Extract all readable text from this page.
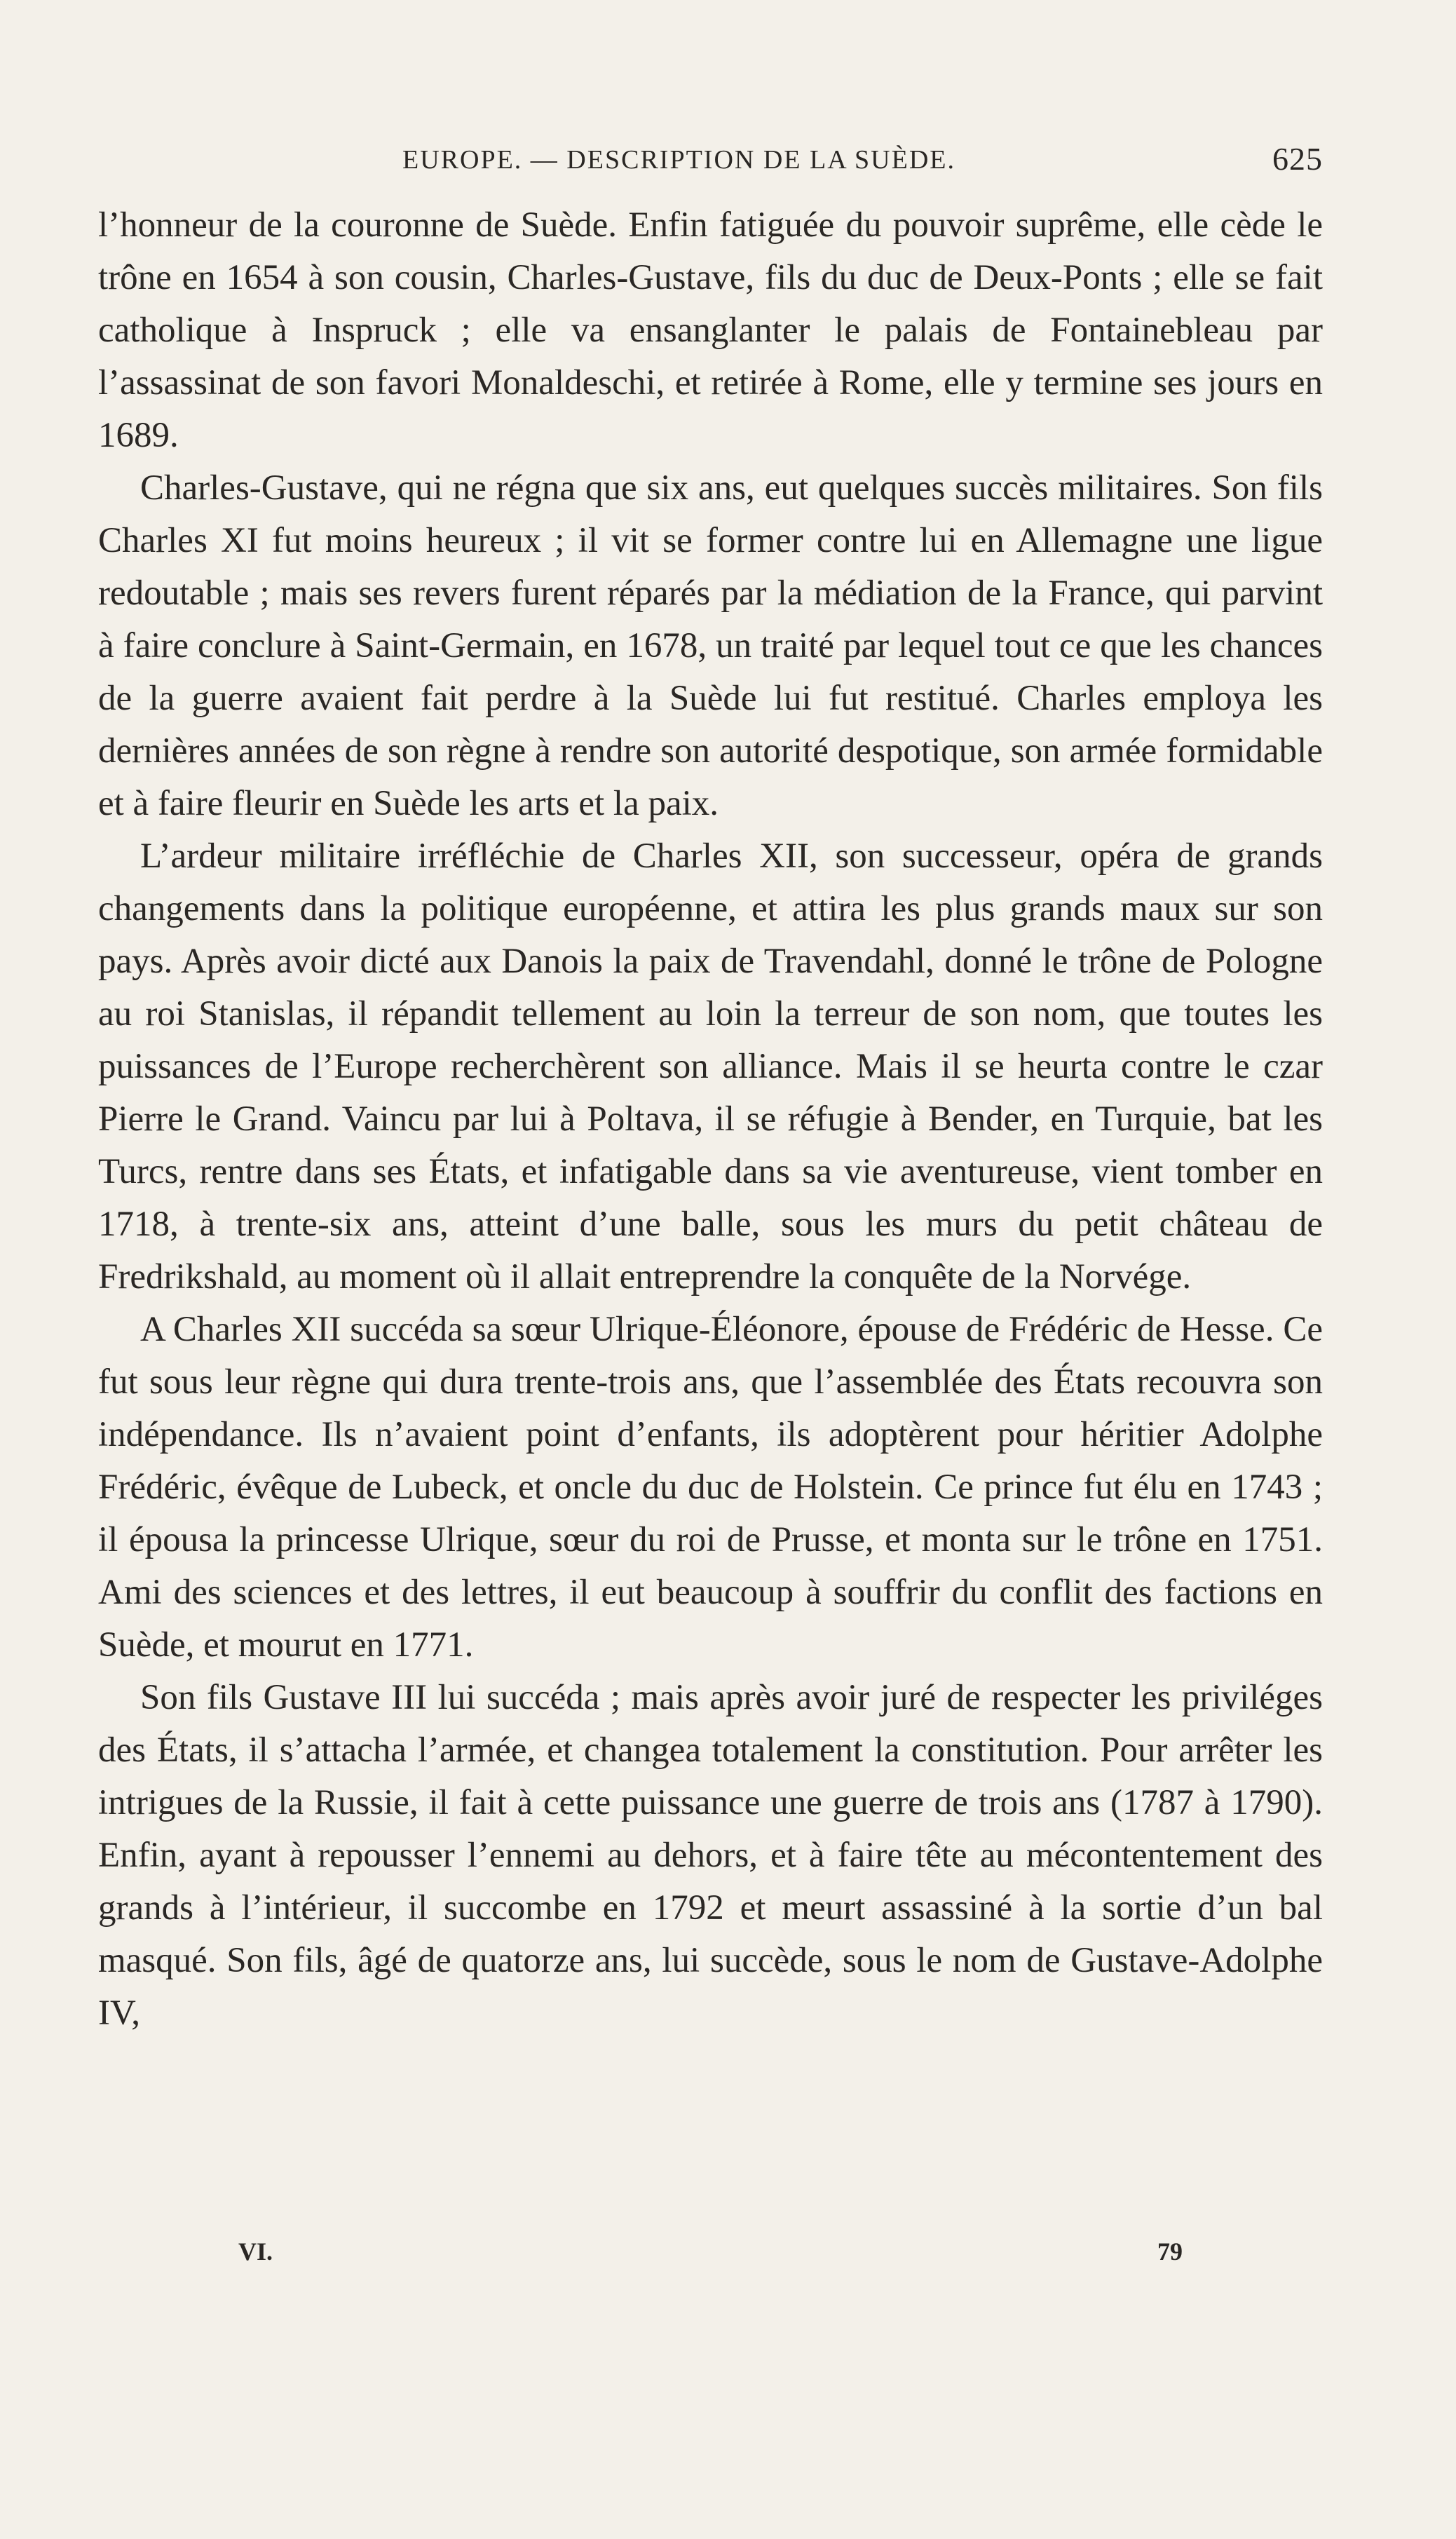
EUROPE. — DESCRIPTION DE LA SUÈDE.	625

l’honneur de la couronne de Suède. Enfin fatiguée du pouvoir suprême, elle cède le trône en 1654 à son cousin, Charles-Gustave, fils du duc de Deux-Ponts ; elle se fait catholique à Inspruck ; elle va ensanglanter le palais de Fontainebleau par l’assassinat de son favori Monaldeschi, et retirée à Rome, elle y termine ses jours en 1689.

Charles-Gustave, qui ne régna que six ans, eut quelques succès militaires. Son fils Charles XI fut moins heureux ; il vit se former contre lui en Allemagne une ligue redoutable ; mais ses revers furent réparés par la médiation de la France, qui parvint à faire conclure à Saint-Germain, en 1678, un traité par lequel tout ce que les chances de la guerre avaient fait perdre à la Suède lui fut restitué. Charles employa les dernières années de son règne à rendre son autorité despotique, son armée formidable et à faire fleurir en Suède les arts et la paix.

L’ardeur militaire irréfléchie de Charles XII, son successeur, opéra de grands changements dans la politique européenne, et attira les plus grands maux sur son pays. Après avoir dicté aux Danois la paix de Travendahl, donné le trône de Pologne au roi Stanislas, il répandit tellement au loin la terreur de son nom, que toutes les puissances de l’Europe recherchèrent son alliance. Mais il se heurta contre le czar Pierre le Grand. Vaincu par lui à Poltava, il se réfugie à Bender, en Turquie, bat les Turcs, rentre dans ses États, et infatigable dans sa vie aventureuse, vient tomber en 1718, à trente-six ans, atteint d’une balle, sous les murs du petit château de Fredrikshald, au moment où il allait entreprendre la conquête de la Norvége.

A Charles XII succéda sa sœur Ulrique-Éléonore, épouse de Frédéric de Hesse. Ce fut sous leur règne qui dura trente-trois ans, que l’assemblée des États recouvra son indépendance. Ils n’avaient point d’enfants, ils adoptèrent pour héritier Adolphe Frédéric, évêque de Lubeck, et oncle du duc de Holstein. Ce prince fut élu en 1743 ; il épousa la princesse Ulrique, sœur du roi de Prusse, et monta sur le trône en 1751. Ami des sciences et des lettres, il eut beaucoup à souffrir du conflit des factions en Suède, et mourut en 1771.

Son fils Gustave III lui succéda ; mais après avoir juré de respecter les priviléges des États, il s’attacha l’armée, et changea totalement la constitution. Pour arrêter les intrigues de la Russie, il fait à cette puissance une guerre de trois ans (1787 à 1790). Enfin, ayant à repousser l’ennemi au dehors, et à faire tête au mécontentement des grands à l’intérieur, il succombe en 1792 et meurt assassiné à la sortie d’un bal masqué. Son fils, âgé de quatorze ans, lui succède, sous le nom de Gustave-Adolphe IV,

VI.	79
